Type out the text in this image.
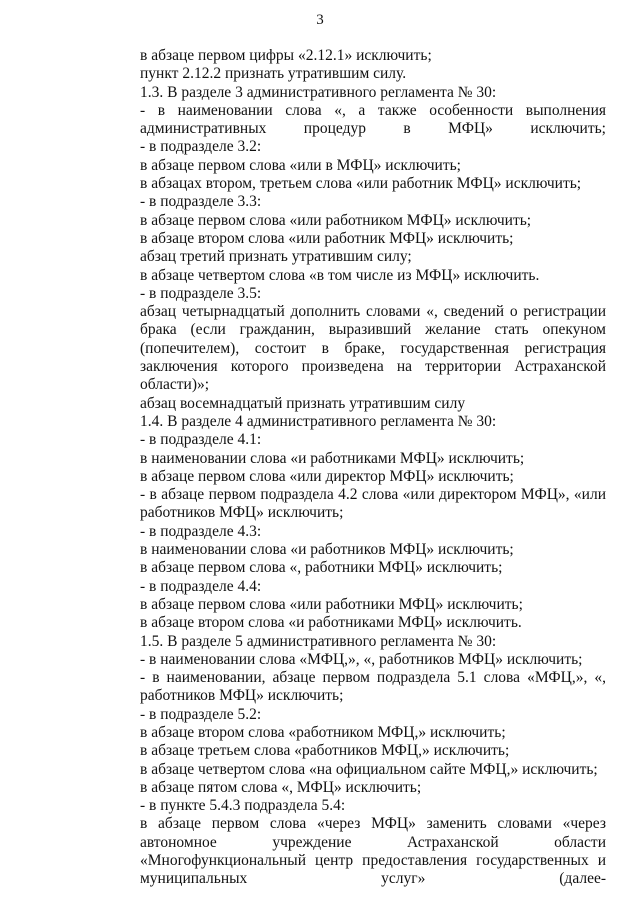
3

в абзаце первом цифры «2.12.1» исключить;

пункт 2.12.2 признать утратившим силу.

1.3. В разделе 3 административного регламента № 30:

- в наименовании слова «, а также особенности выполнения административных процедур в МФЦ» исключить;

- в подразделе 3.2:

в абзаце первом слова «или в МФЦ» исключить;

в абзацах втором, третьем слова «или работник МФЦ» исключить;

- в подразделе 3.3:

в абзаце первом слова «или работником МФЦ» исключить;

в абзаце втором слова «или работник МФЦ» исключить;

абзац третий признать утратившим силу;

в абзаце четвертом слова «в том числе из МФЦ» исключить.

- в подразделе 3.5:

абзац четырнадцатый дополнить словами «, сведений о регистрации брака (если гражданин, выразивший желание стать опекуном (попечителем), состоит в браке, государственная регистрация заключения которого произведена на территории Астраханской области)»;

абзац восемнадцатый признать утратившим силу

1.4. В разделе 4 административного регламента № 30:

- в подразделе 4.1:

в наименовании слова «и работниками МФЦ» исключить;

в абзаце первом слова «или директор МФЦ» исключить;

- в абзаце первом подраздела 4.2 слова «или директором МФЦ», «или работников МФЦ» исключить;

- в подразделе 4.3:

в наименовании слова «и работников МФЦ» исключить;

в абзаце первом слова «, работники МФЦ» исключить;

- в подразделе 4.4:

в абзаце первом слова «или работники МФЦ» исключить;

в абзаце втором слова «и работниками МФЦ» исключить.

1.5. В разделе 5 административного регламента № 30:

- в наименовании слова «МФЦ,», «, работников МФЦ» исключить;

- в наименовании, абзаце первом подраздела 5.1 слова «МФЦ,», «, работников МФЦ» исключить;

- в подразделе 5.2:

в абзаце втором слова «работником МФЦ,» исключить;

в абзаце третьем слова «работников МФЦ,» исключить;

в абзаце четвертом слова «на официальном сайте МФЦ,» исключить;

в абзаце пятом слова «, МФЦ» исключить;

- в пункте 5.4.3 подраздела 5.4:

в абзаце первом слова «через МФЦ» заменить словами «через автономное учреждение Астраханской области «Многофункциональный центр предоставления государственных и муниципальных услуг» (далее-
